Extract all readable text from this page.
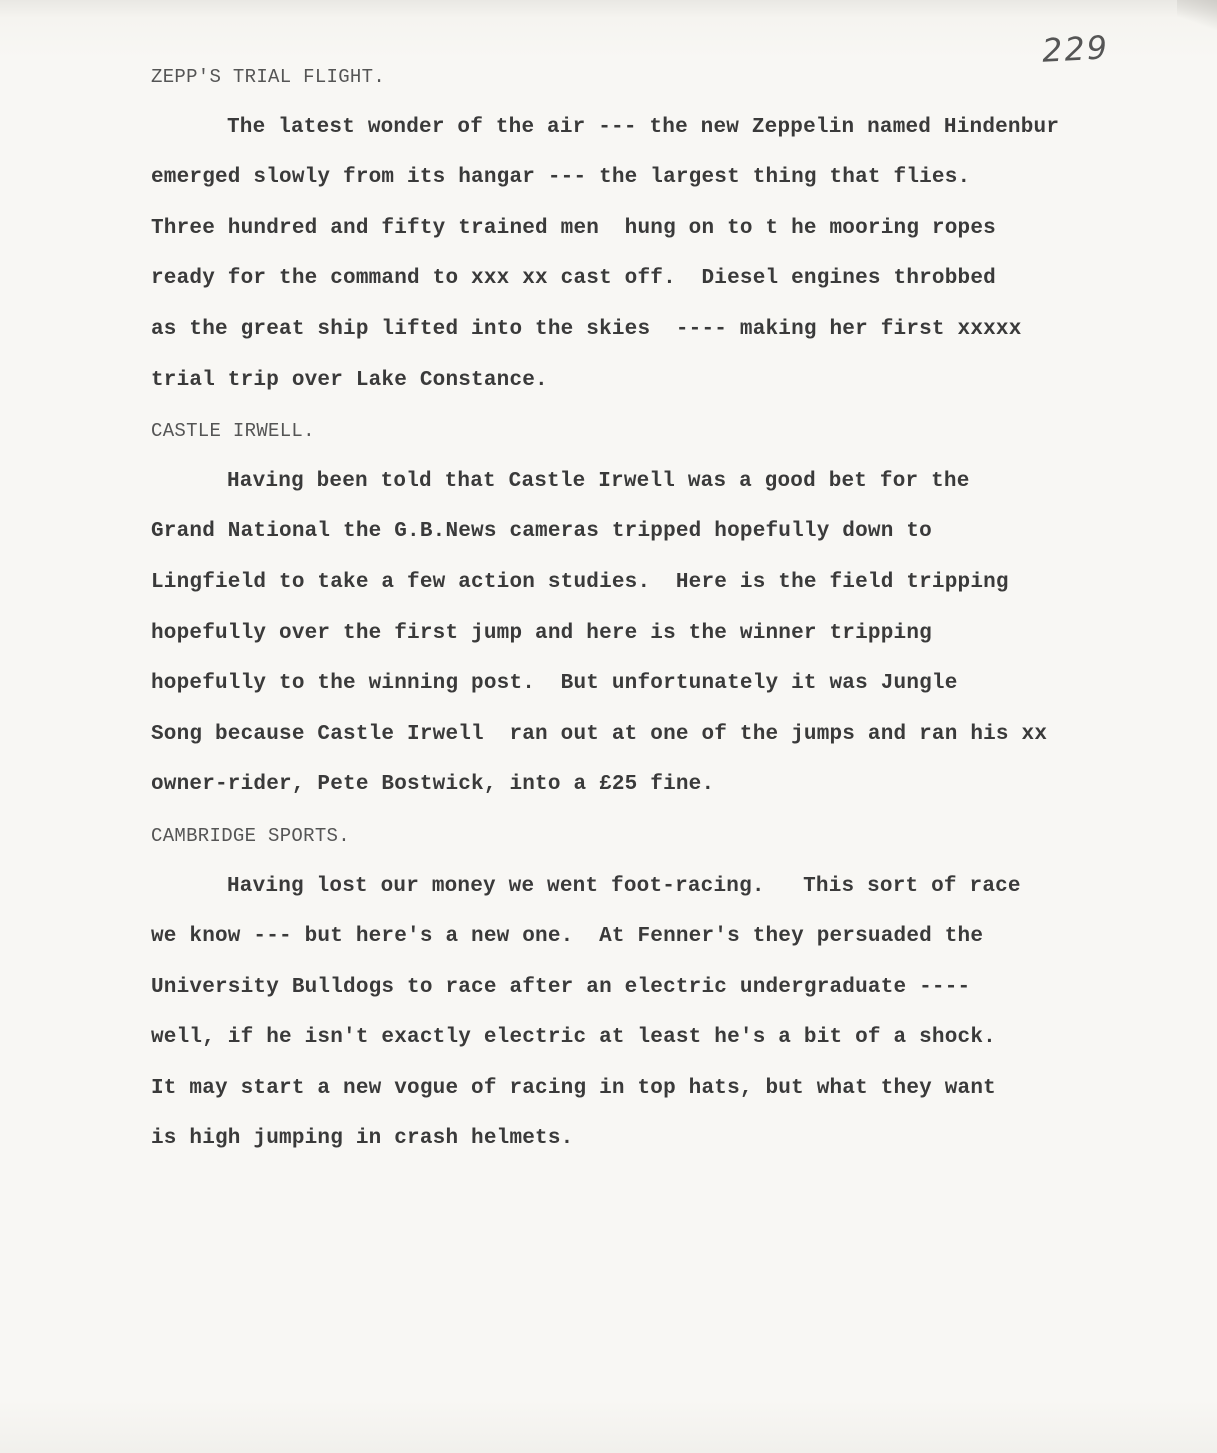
229
ZEPP'S TRIAL FLIGHT.
The latest wonder of the air --- the new Zeppelin named Hindenbur
emerged slowly from its hangar --- the largest thing that flies.
Three hundred and fifty trained men  hung on to t he mooring ropes
ready for the command to xxx xx cast off.  Diesel engines throbbed
as the great ship lifted into the skies  ---- making her first xxxxx
trial trip over Lake Constance.
CASTLE IRWELL.
Having been told that Castle Irwell was a good bet for the
Grand National the G.B.News cameras tripped hopefully down to
Lingfield to take a few action studies.  Here is the field tripping
hopefully over the first jump and here is the winner tripping
hopefully to the winning post.  But unfortunately it was Jungle
Song because Castle Irwell  ran out at one of the jumps and ran his xx
owner-rider, Pete Bostwick, into a £25 fine.
CAMBRIDGE SPORTS.
Having lost our money we went foot-racing.   This sort of race
we know --- but here's a new one.  At Fenner's they persuaded the
University Bulldogs to race after an electric undergraduate ----
well, if he isn't exactly electric at least he's a bit of a shock.
It may start a new vogue of racing in top hats, but what they want
is high jumping in crash helmets.
